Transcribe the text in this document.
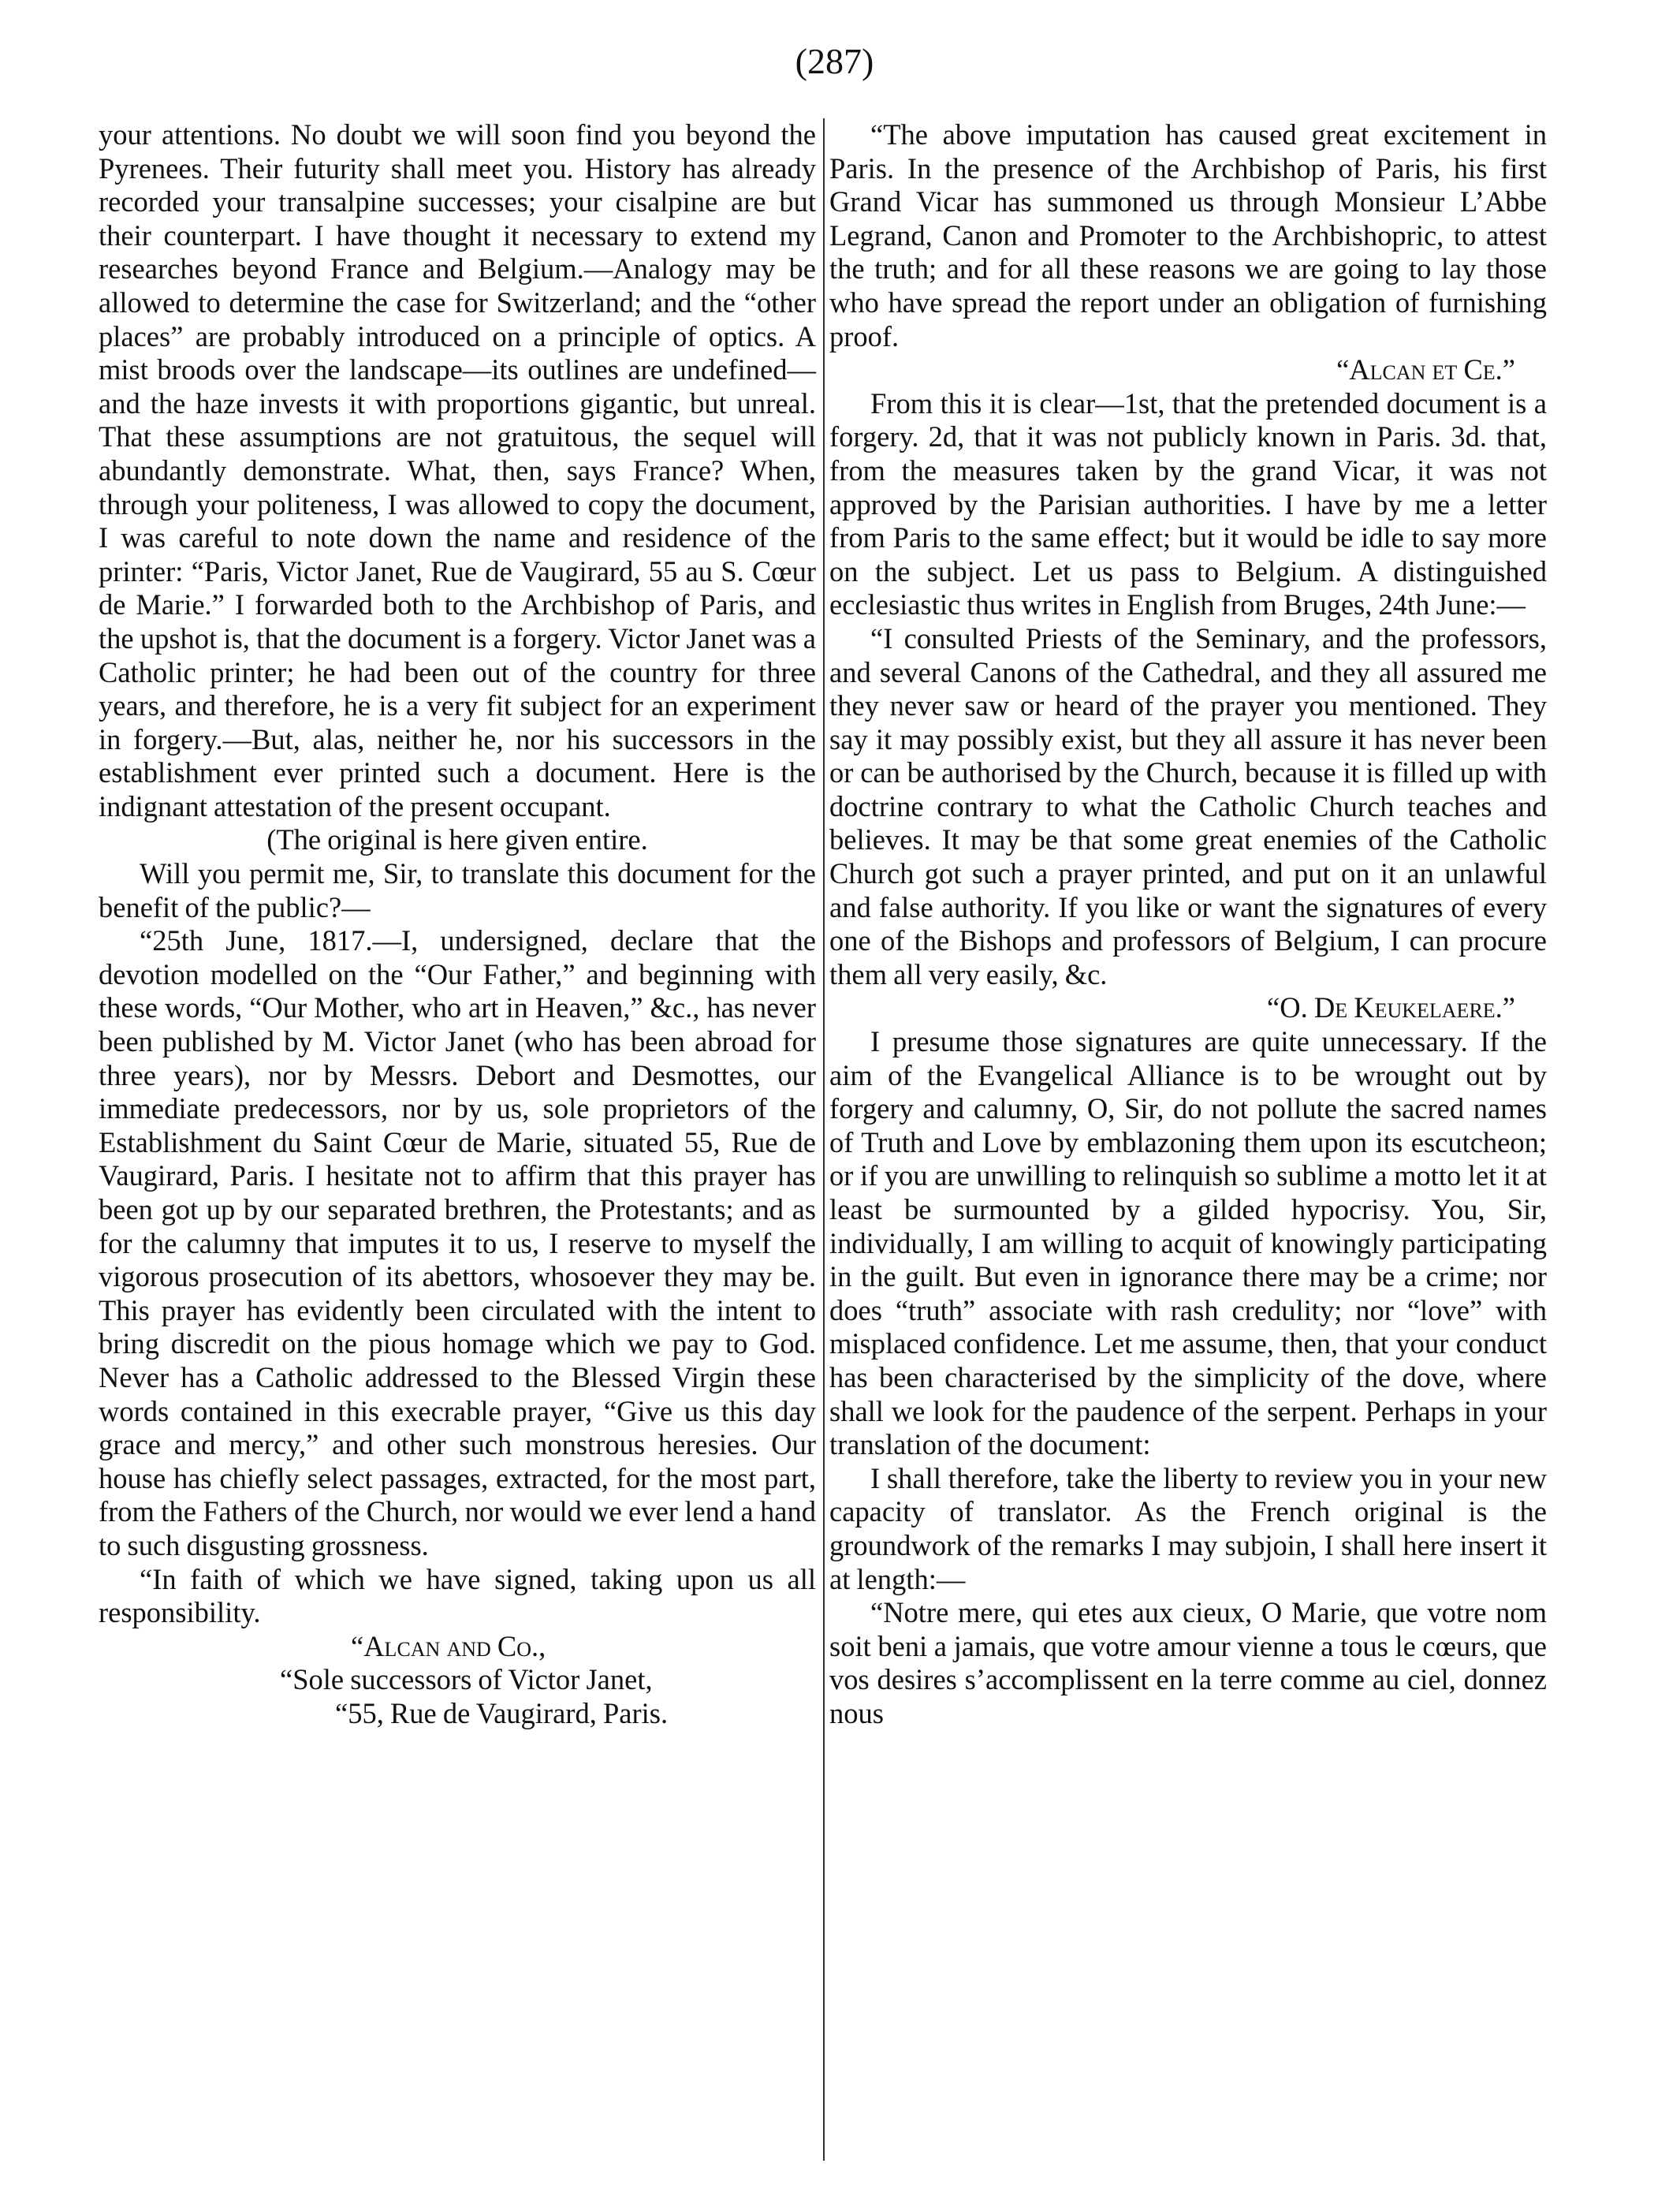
(287)

your attentions. No doubt we will soon find you beyond the Pyrenees. Their futurity shall meet you. History has already recorded your transalpine successes; your cisalpine are but their counterpart. I have thought it necessary to extend my researches beyond France and Belgium.—Analogy may be allowed to determine the case for Switzerland; and the “other places” are probably introduced on a principle of optics. A mist broods over the landscape—its outlines are undefined—and the haze invests it with proportions gigantic, but unreal. That these assumptions are not gratuitous, the sequel will abundantly demonstrate. What, then, says France? When, through your politeness, I was allowed to copy the document, I was careful to note down the name and residence of the printer: “Paris, Victor Janet, Rue de Vaugirard, 55 au S. Cœur de Marie.” I forwarded both to the Archbishop of Paris, and the upshot is, that the document is a forgery. Victor Janet was a Catholic printer; he had been out of the country for three years, and therefore, he is a very fit subject for an experiment in forgery.—But, alas, neither he, nor his successors in the establishment ever printed such a document. Here is the indignant attestation of the present occupant.

(The original is here given entire.

Will you permit me, Sir, to translate this document for the benefit of the public?—

“25th June, 1817.—I, undersigned, declare that the devotion modelled on the “Our Father,” and beginning with these words, “Our Mother, who art in Heaven,” &c., has never been published by M. Victor Janet (who has been abroad for three years), nor by Messrs. Debort and Desmottes, our immediate predecessors, nor by us, sole proprietors of the Establishment du Saint Cœur de Marie, situated 55, Rue de Vaugirard, Paris. I hesitate not to affirm that this prayer has been got up by our separated brethren, the Protestants; and as for the calumny that imputes it to us, I reserve to myself the vigorous prosecution of its abettors, whosoever they may be. This prayer has evidently been circulated with the intent to bring discredit on the pious homage which we pay to God. Never has a Catholic addressed to the Blessed Virgin these words contained in this execrable prayer, “Give us this day grace and mercy,” and other such monstrous heresies. Our house has chiefly select passages, extracted, for the most part, from the Fathers of the Church, nor would we ever lend a hand to such disgusting grossness.

“In faith of which we have signed, taking upon us all responsibility.

“Alcan and Co.,

“Sole successors of Victor Janet,

“55, Rue de Vaugirard, Paris.

“The above imputation has caused great excitement in Paris. In the presence of the Archbishop of Paris, his first Grand Vicar has summoned us through Monsieur L’Abbe Legrand, Canon and Promoter to the Archbishopric, to attest the truth; and for all these reasons we are going to lay those who have spread the report under an obligation of furnishing proof.

“Alcan et Ce.”

From this it is clear—1st, that the pretended document is a forgery. 2d, that it was not publicly known in Paris. 3d. that, from the measures taken by the grand Vicar, it was not approved by the Parisian authorities. I have by me a letter from Paris to the same effect; but it would be idle to say more on the subject. Let us pass to Belgium. A distinguished ecclesiastic thus writes in English from Bruges, 24th June:—

“I consulted Priests of the Seminary, and the professors, and several Canons of the Cathedral, and they all assured me they never saw or heard of the prayer you mentioned. They say it may possibly exist, but they all assure it has never been or can be authorised by the Church, because it is filled up with doctrine contrary to what the Catholic Church teaches and believes. It may be that some great enemies of the Catholic Church got such a prayer printed, and put on it an unlawful and false authority. If you like or want the signatures of every one of the Bishops and professors of Belgium, I can procure them all very easily, &c.

“O. De Keukelaere.”

I presume those signatures are quite unnecessary. If the aim of the Evangelical Alliance is to be wrought out by forgery and calumny, O, Sir, do not pollute the sacred names of Truth and Love by emblazoning them upon its escutcheon; or if you are unwilling to relinquish so sublime a motto let it at least be surmounted by a gilded hypocrisy. You, Sir, individually, I am willing to acquit of knowingly participating in the guilt. But even in ignorance there may be a crime; nor does “truth” associate with rash credulity; nor “love” with misplaced confidence. Let me assume, then, that your conduct has been characterised by the simplicity of the dove, where shall we look for the paudence of the serpent. Perhaps in your translation of the document:

I shall therefore, take the liberty to review you in your new capacity of translator. As the French original is the groundwork of the remarks I may subjoin, I shall here insert it at length:—

“Notre mere, qui etes aux cieux, O Marie, que votre nom soit beni a jamais, que votre amour vienne a tous le cœurs, que vos desires s’accomplissent en la terre comme au ciel, donnez nous
